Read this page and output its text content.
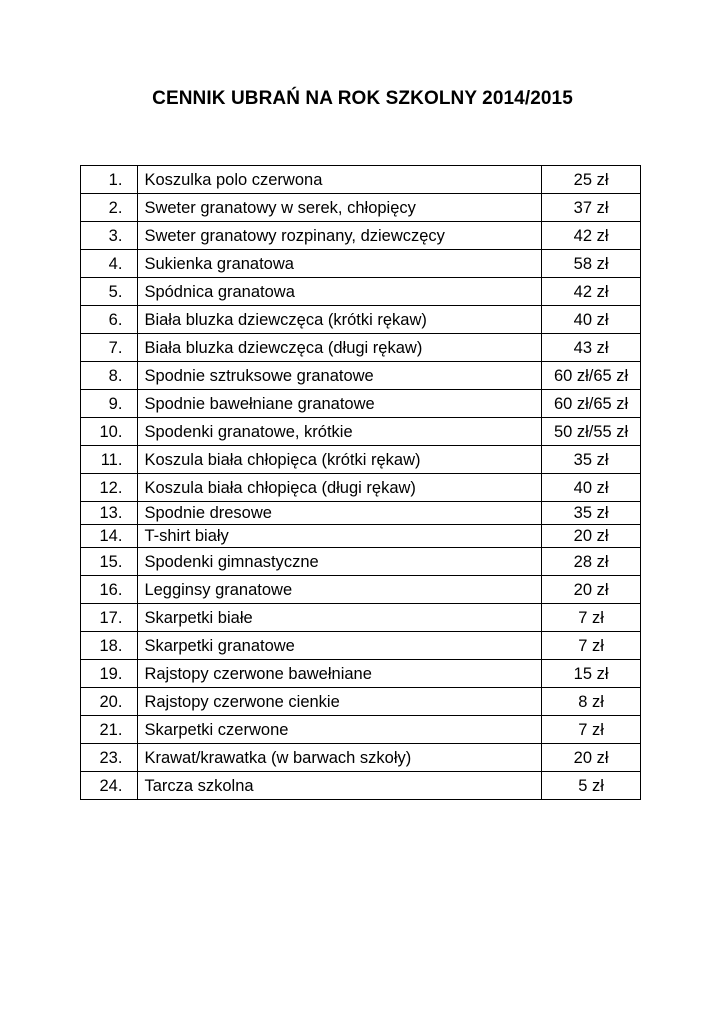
CENNIK UBRAŃ NA ROK SZKOLNY 2014/2015
1.	Koszulka polo czerwona	25 zł
2.	Sweter granatowy w serek, chłopięcy	37 zł
3.	Sweter granatowy rozpinany, dziewczęcy	42 zł
4.	Sukienka granatowa	58 zł
5.	Spódnica granatowa	42 zł
6.	Biała bluzka dziewczęca (krótki rękaw)	40 zł
7.	Biała bluzka dziewczęca (długi rękaw)	43 zł
8.	Spodnie sztruksowe granatowe	60 zł/65 zł
9.	Spodnie bawełniane granatowe	60 zł/65 zł
10.	Spodenki granatowe, krótkie	50 zł/55 zł
11.	Koszula biała chłopięca (krótki rękaw)	35 zł
12.	Koszula biała chłopięca (długi rękaw)	40 zł
13.	Spodnie dresowe	35 zł
14.	T-shirt biały	20 zł
15.	Spodenki gimnastyczne	28 zł
16.	Legginsy granatowe	20 zł
17.	Skarpetki białe	7 zł
18.	Skarpetki granatowe	7 zł
19.	Rajstopy czerwone bawełniane	15 zł
20.	Rajstopy czerwone cienkie	8 zł
21.	Skarpetki czerwone	7 zł
23.	Krawat/krawatka (w barwach szkoły)	20 zł
24.	Tarcza szkolna	5 zł
